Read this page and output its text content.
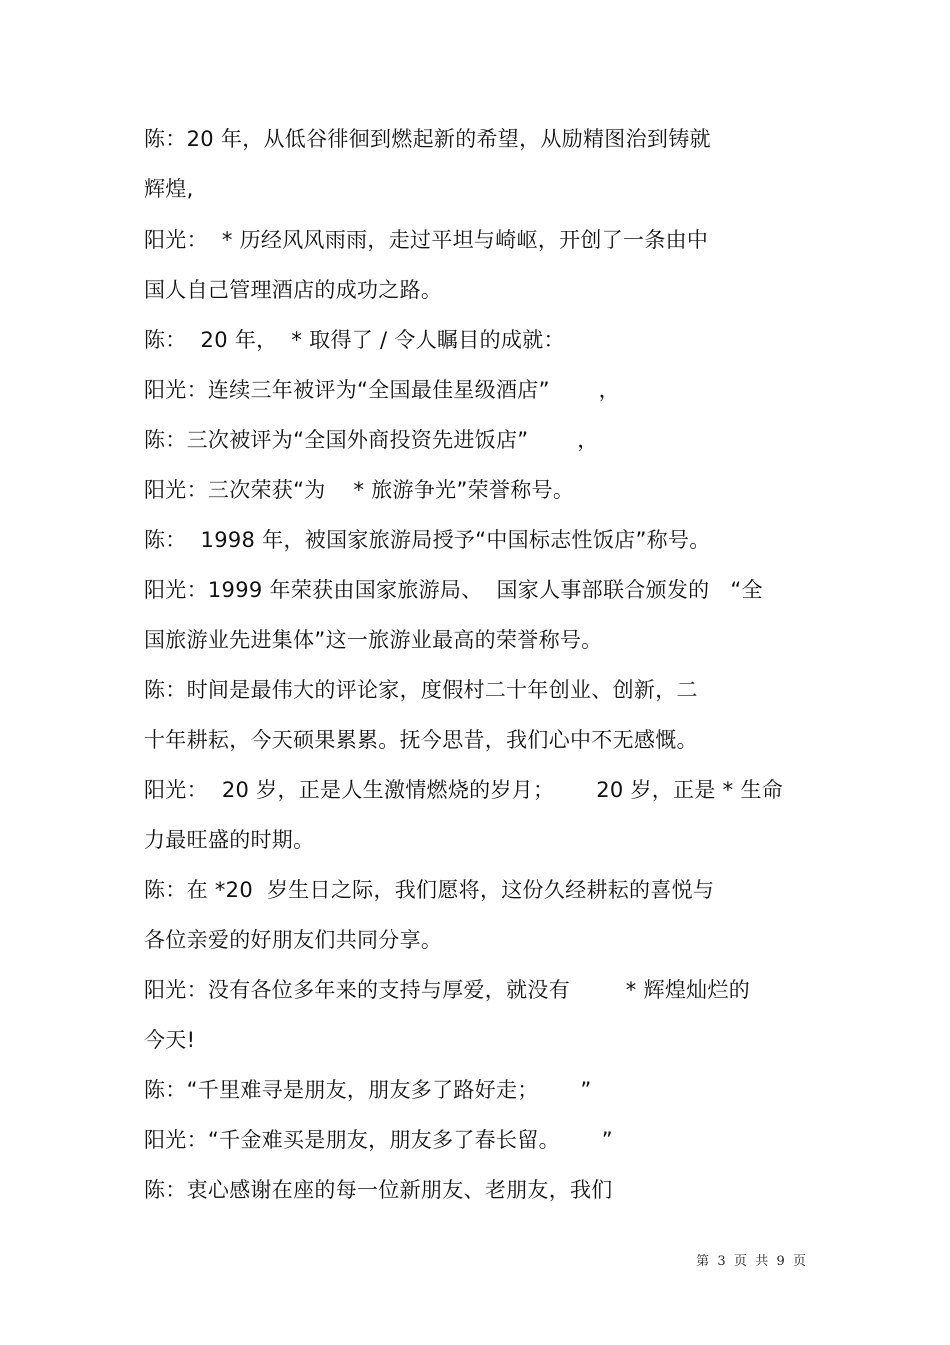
陈：20 年，从低谷徘徊到燃起新的希望，从励精图治到铸就
辉煌,
阳光：  * 历经风风雨雨，走过平坦与崎岖，开创了一条由中
国人自己管理酒店的成功之路。
陈：  20 年，  * 取得了 / 令人瞩目的成就：
阳光：连续三年被评为“全国最佳星级酒店”       ，
陈：三次被评为“全国外商投资先进饭店”       ，
阳光：三次荣获“为    * 旅游争光”荣誉称号。
陈：  1998 年，被国家旅游局授予“中国标志性饭店”称号。
阳光：1999 年荣获由国家旅游局、  国家人事部联合颁发的   “全
国旅游业先进集体”这一旅游业最高的荣誉称号。
陈：时间是最伟大的评论家，度假村二十年创业、创新，二
十年耕耘，今天硕果累累。抚今思昔，我们心中不无感慨。
阳光：  20 岁，正是人生激情燃烧的岁月；      20 岁，正是 * 生命
力最旺盛的时期。
陈：在 *20  岁生日之际，我们愿将，这份久经耕耘的喜悦与
各位亲爱的好朋友们共同分享。
阳光：没有各位多年来的支持与厚爱，就没有        * 辉煌灿烂的
今天!
陈：“千里难寻是朋友，朋友多了路好走；      ”
阳光：“千金难买是朋友，朋友多了春长留。      ”
陈：衷心感谢在座的每一位新朋友、老朋友，我们
第  3  页  共  9  页
